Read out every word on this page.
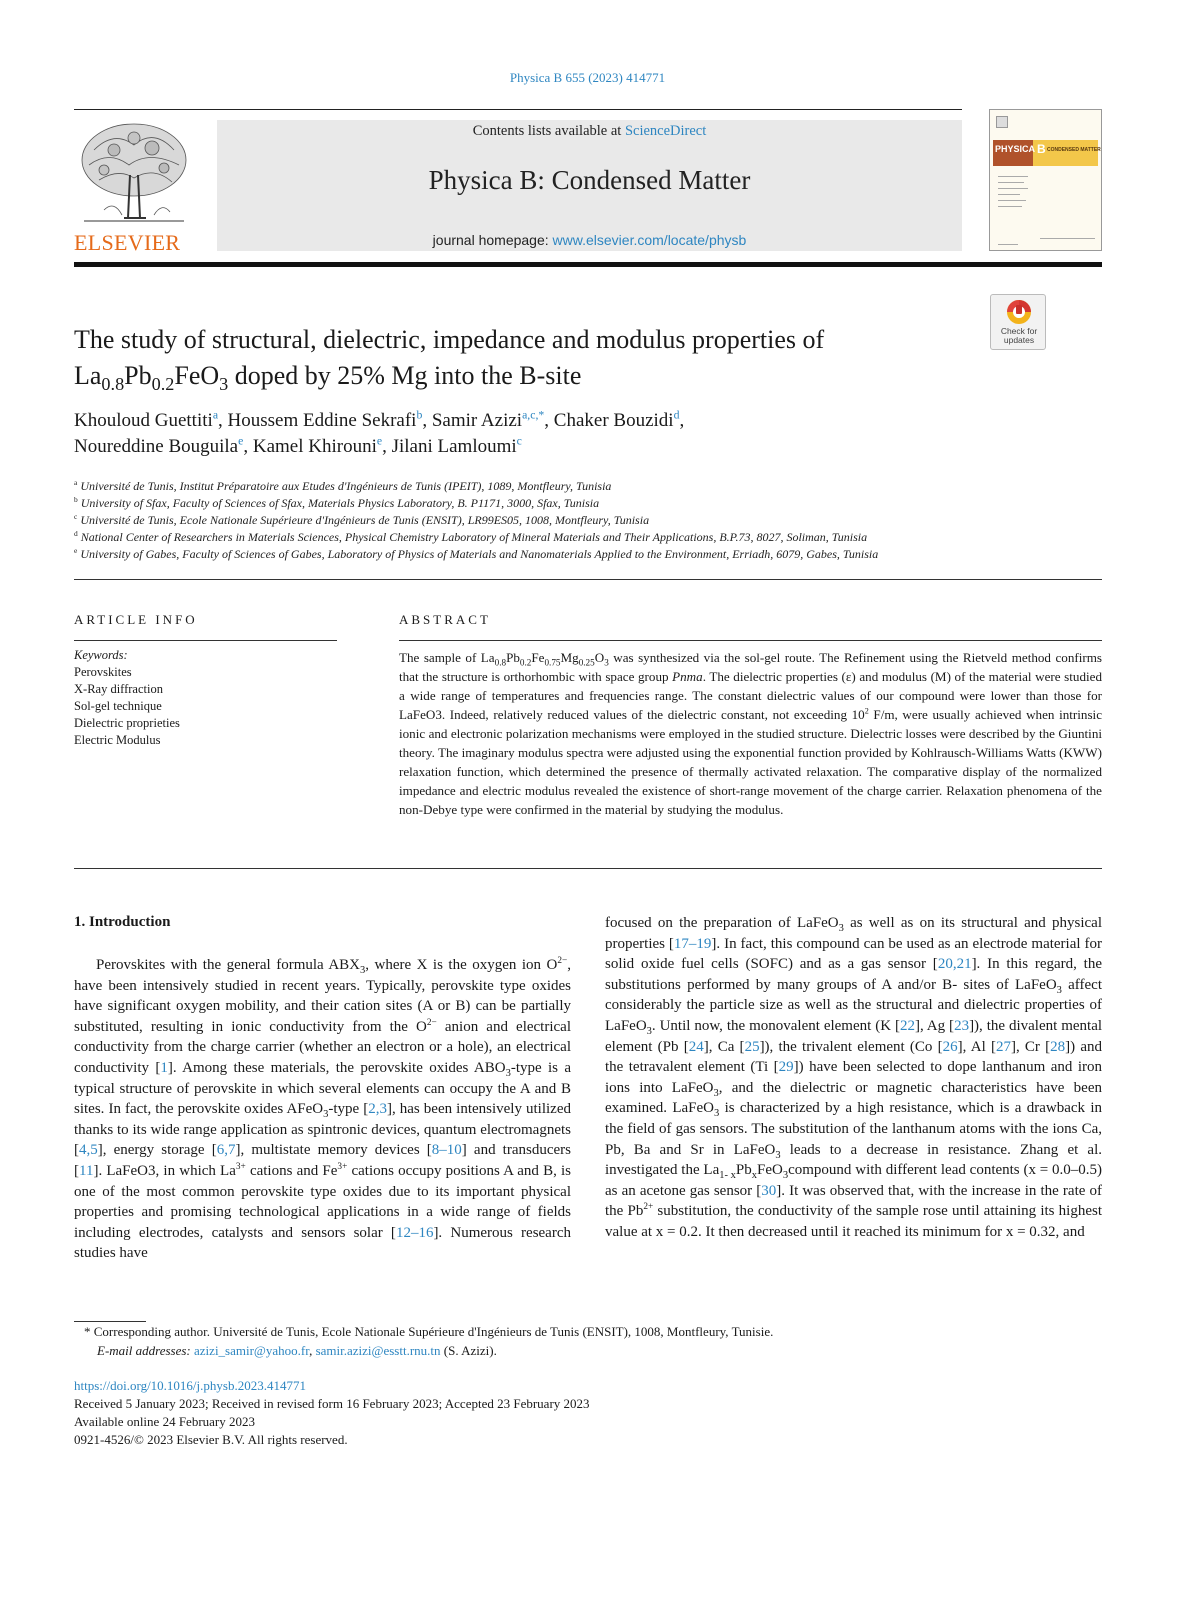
Physica B 655 (2023) 414771
ELSEVIER
Contents lists available at ScienceDirect
Physica B: Condensed Matter
journal homepage: www.elsevier.com/locate/physb
PHYSICA B CONDENSED MATTER
Check for updates
The study of structural, dielectric, impedance and modulus properties of
$La_{0.8}Pb_{0.2}FeO_3$ doped by 25% Mg into the B-site
Khouloud Guettiti$^a$, Houssem Eddine Sekrafi$^b$, Samir Azizi$^{a,c,*}$, Chaker Bouzidi$^d$,
Noureddine Bouguila$^e$, Kamel Khirouni$^e$, Jilani Lamloumi$^c$
$^a$ Université de Tunis, Institut Préparatoire aux Etudes d'Ingénieurs de Tunis (IPEIT), 1089, Montfleury, Tunisia
$^b$ University of Sfax, Faculty of Sciences of Sfax, Materials Physics Laboratory, B. P1171, 3000, Sfax, Tunisia
$^c$ Université de Tunis, Ecole Nationale Supérieure d'Ingénieurs de Tunis (ENSIT), LR99ES05, 1008, Montfleury, Tunisia
$^d$ National Center of Researchers in Materials Sciences, Physical Chemistry Laboratory of Mineral Materials and Their Applications, B.P.73, 8027, Soliman, Tunisia
$^e$ University of Gabes, Faculty of Sciences of Gabes, Laboratory of Physics of Materials and Nanomaterials Applied to the Environment, Erriadh, 6079, Gabes, Tunisia
ARTICLE INFO
Keywords:
Perovskites
X-Ray diffraction
Sol-gel technique
Dielectric proprieties
Electric Modulus
ABSTRACT

The sample of $La_{0.8}Pb_{0.2}Fe_{0.75}Mg_{0.25}O_3$ was synthesized via the sol-gel route. The Refinement using the Rietveld method confirms that the structure is orthorhombic with space group Pnma. The dielectric properties (ε) and modulus (M) of the material were studied a wide range of temperatures and frequencies range. The constant dielectric values of our compound were lower than those for LaFeO3. Indeed, relatively reduced values of the dielectric constant, not exceeding $10^2$ F/m, were usually achieved when intrinsic ionic and electronic polarization mechanisms were employed in the studied structure. Dielectric losses were described by the Giuntini theory. The imaginary modulus spectra were adjusted using the exponential function provided by Kohlrausch-Williams Watts (KWW) relaxation function, which determined the presence of thermally activated relaxation. The comparative display of the normalized impedance and electric modulus revealed the existence of short-range movement of the charge carrier. Relaxation phenomena of the non-Debye type were confirmed in the material by studying the modulus.

1. Introduction

Perovskites with the general formula $ABX_3$, where X is the oxygen ion $O^{2-}$, have been intensively studied in recent years. Typically, perovskite type oxides have significant oxygen mobility, and their cation sites (A or B) can be partially substituted, resulting in ionic conductivity from the $O^{2-}$ anion and electrical conductivity from the charge carrier (whether an electron or a hole), an electrical conductivity [1]. Among these materials, the perovskite oxides $ABO_3$-type is a typical structure of perovskite in which several elements can occupy the A and B sites. In fact, the perovskite oxides AFeO$_3$-type [2,3], has been intensively utilized thanks to its wide range application as spintronic devices, quantum electromagnets [4,5], energy storage [6,7], multistate memory devices [8–10] and transducers [11]. LaFeO3, in which $La^{3+}$ cations and $Fe^{3+}$ cations occupy positions A and B, is one of the most common perovskite type oxides due to its important physical properties and promising technological applications in a wide range of fields including electrodes, catalysts and sensors solar [12–16]. Numerous research studies have

focused on the preparation of LaFeO$_3$ as well as on its structural and physical properties [17–19]. In fact, this compound can be used as an electrode material for solid oxide fuel cells (SOFC) and as a gas sensor [20,21]. In this regard, the substitutions performed by many groups of A and/or B- sites of LaFeO$_3$ affect considerably the particle size as well as the structural and dielectric properties of LaFeO$_3$. Until now, the monovalent element (K [22], Ag [23]), the divalent mental element (Pb [24], Ca [25]), the trivalent element (Co [26], Al [27], Cr [28]) and the tetravalent element (Ti [29]) have been selected to dope lanthanum and iron ions into LaFeO$_3$, and the dielectric or magnetic characteristics have been examined. LaFeO$_3$ is characterized by a high resistance, which is a drawback in the field of gas sensors. The substitution of the lanthanum atoms with the ions Ca, Pb, Ba and Sr in LaFeO$_3$ leads to a decrease in resistance. Zhang et al. investigated the $La_{1- x}Pb_xFeO_3compound$ with different lead contents (x = 0.0–0.5) as an acetone gas sensor [30]. It was observed that, with the increase in the rate of the $Pb^{2+}$ substitution, the conductivity of the sample rose until attaining its highest value at x = 0.2. It then decreased until it reached its minimum for x = 0.32, and

* Corresponding author. Université de Tunis, Ecole Nationale Supérieure d'Ingénieurs de Tunis (ENSIT), 1008, Montfleury, Tunisie.
E-mail addresses: azizi_samir@yahoo.fr, samir.azizi@esstt.rnu.tn (S. Azizi).
https://doi.org/10.1016/j.physb.2023.414771
Received 5 January 2023; Received in revised form 16 February 2023; Accepted 23 February 2023
Available online 24 February 2023
0921-4526/© 2023 Elsevier B.V. All rights reserved.
